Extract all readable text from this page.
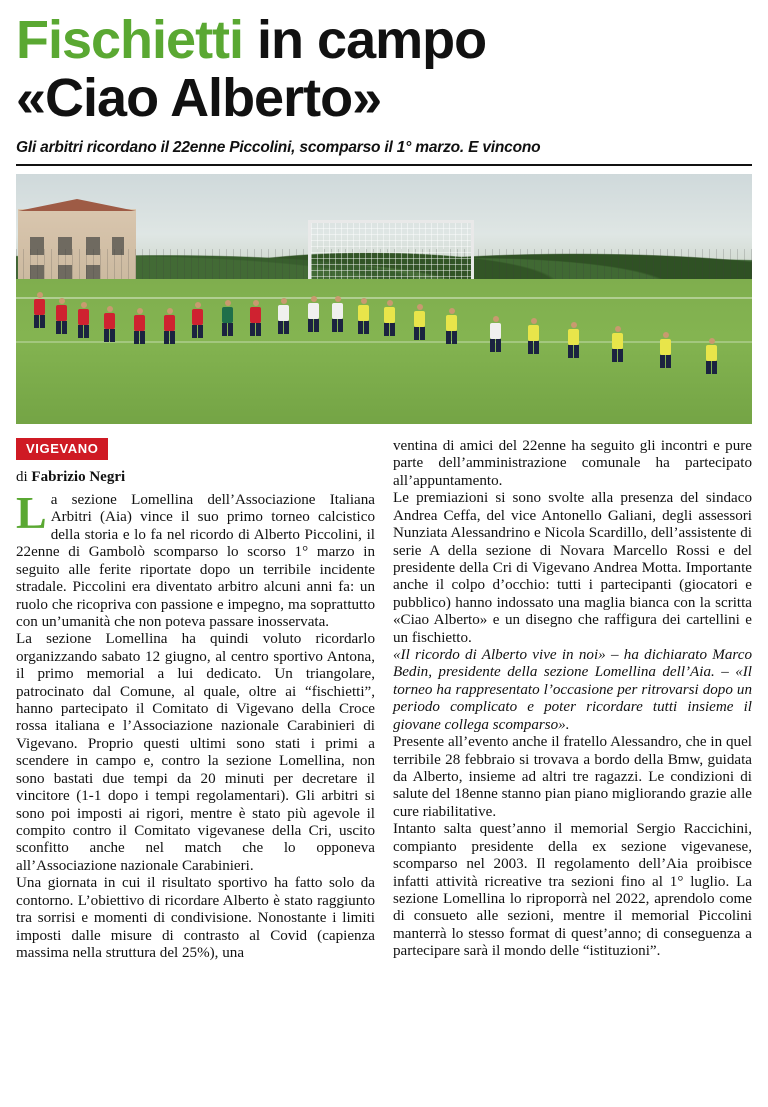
Fischietti in campo
«Ciao Alberto»
Gli arbitri ricordano il 22enne Piccolini, scomparso il 1° marzo. E vincono
VIGEVANO
di Fabrizio Negri

La sezione Lomellina dell’Associazione Italiana Arbitri (Aia) vince il suo primo torneo calcistico della storia e lo fa nel ricordo di Alberto Piccolini, il 22enne di Gambolò scomparso lo scorso 1° marzo in seguito alle ferite riportate dopo un terribile incidente stradale. Piccolini era diventato arbitro alcuni anni fa: un ruolo che ricopriva con passione e impegno, ma soprattutto con un’umanità che non poteva passare inosservata.

La sezione Lomellina ha quindi voluto ricordarlo organizzando sabato 12 giugno, al centro sportivo Antona, il primo memorial a lui dedicato. Un triangolare, patrocinato dal Comune, al quale, oltre ai “fischietti”, hanno partecipato il Comitato di Vigevano della Croce rossa italiana e l’Associazione nazionale Carabinieri di Vigevano. Proprio questi ultimi sono stati i primi a scendere in campo e, contro la sezione Lomellina, non sono bastati due tempi da 20 minuti per decretare il vincitore (1-1 dopo i tempi regolamentari). Gli arbitri si sono poi imposti ai rigori, mentre è stato più agevole il compito contro il Comitato vigevanese della Cri, uscito sconfitto anche nel match che lo opponeva all’Associazione nazionale Carabinieri.

Una giornata in cui il risultato sportivo ha fatto solo da contorno. L’obiettivo di ricordare Alberto è stato raggiunto tra sorrisi e momenti di condivisione. Nonostante i limiti imposti dalle misure di contrasto al Covid (capienza massima nella struttura del 25%), una

ventina di amici del 22enne ha seguito gli incontri e pure parte dell’amministrazione comunale ha partecipato all’appuntamento.

Le premiazioni si sono svolte alla presenza del sindaco Andrea Ceffa, del vice Antonello Galiani, degli assessori Nunziata Alessandrino e Nicola Scardillo, dell’assistente di serie A della sezione di Novara Marcello Rossi e del presidente della Cri di Vigevano Andrea Motta. Importante anche il colpo d’occhio: tutti i partecipanti (giocatori e pubblico) hanno indossato una maglia bianca con la scritta «Ciao Alberto» e un disegno che raffigura dei cartellini e un fischietto.

«Il ricordo di Alberto vive in noi» – ha dichiarato Marco Bedin, presidente della sezione Lomellina dell’Aia. – «Il torneo ha rappresentato l’occasione per ritrovarsi dopo un periodo complicato e poter ricordare tutti insieme il giovane collega scomparso».

Presente all’evento anche il fratello Alessandro, che in quel terribile 28 febbraio si trovava a bordo della Bmw, guidata da Alberto, insieme ad altri tre ragazzi. Le condizioni di salute del 18enne stanno pian piano migliorando grazie alle cure riabilitative.

Intanto salta quest’anno il memorial Sergio Raccichini, compianto presidente della ex sezione vigevanese, scomparso nel 2003. Il regolamento dell’Aia proibisce infatti attività ricreative tra sezioni fino al 1° luglio. La sezione Lomellina lo riproporrà nel 2022, aprendolo come di consueto alle sezioni, mentre il memorial Piccolini manterrà lo stesso format di quest’anno; di conseguenza a partecipare sarà il mondo delle “istituzioni”.
